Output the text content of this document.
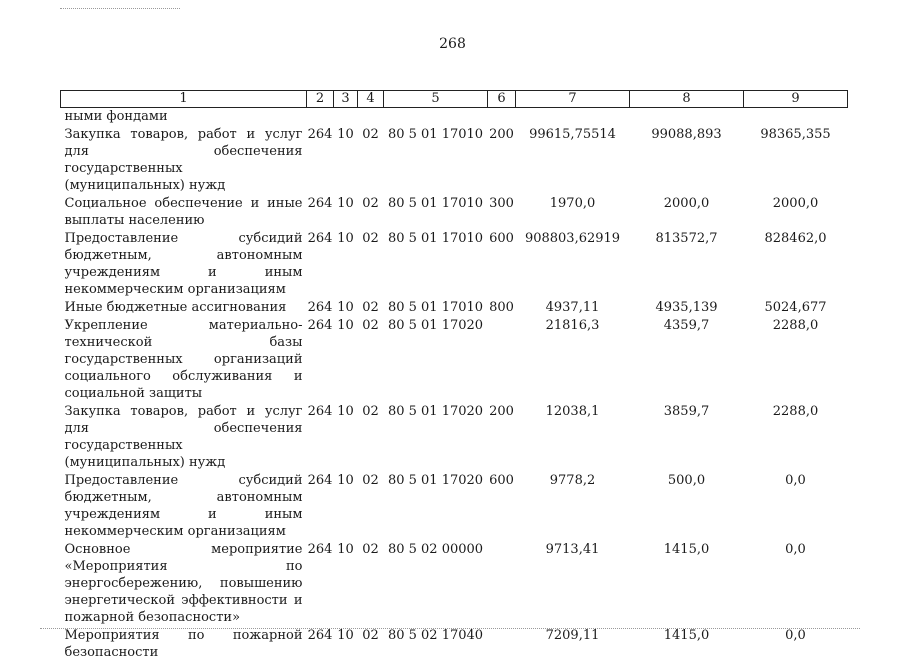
268
1	2	3	4	5	6	7	8	9
ными фондами								
Закупка товаров, работ и услуг для обеспечения государственных (муниципальных) нужд	264	10	02	80 5 01 17010	200	99615,75514	99088,893	98365,355
Социальное обеспечение и иные выплаты населению	264	10	02	80 5 01 17010	300	1970,0	2000,0	2000,0
Предоставление субсидий бюджетным, автономным учреждениям и иным некоммерческим организациям	264	10	02	80 5 01 17010	600	908803,62919	813572,7	828462,0
Иные бюджетные ассигнования	264	10	02	80 5 01 17010	800	4937,11	4935,139	5024,677
Укрепление материально-технической базы государственных организаций социального обслуживания и социальной защиты	264	10	02	80 5 01 17020		21816,3	4359,7	2288,0
Закупка товаров, работ и услуг для обеспечения государственных (муниципальных) нужд	264	10	02	80 5 01 17020	200	12038,1	3859,7	2288,0
Предоставление субсидий бюджетным, автономным учреждениям и иным некоммерческим организациям	264	10	02	80 5 01 17020	600	9778,2	500,0	0,0
Основное мероприятие «Мероприятия по энергосбережению, повышению энергетической эффективности и пожарной безопасности»	264	10	02	80 5 02 00000		9713,41	1415,0	0,0
Мероприятия по пожарной безопасности	264	10	02	80 5 02 17040		7209,11	1415,0	0,0
